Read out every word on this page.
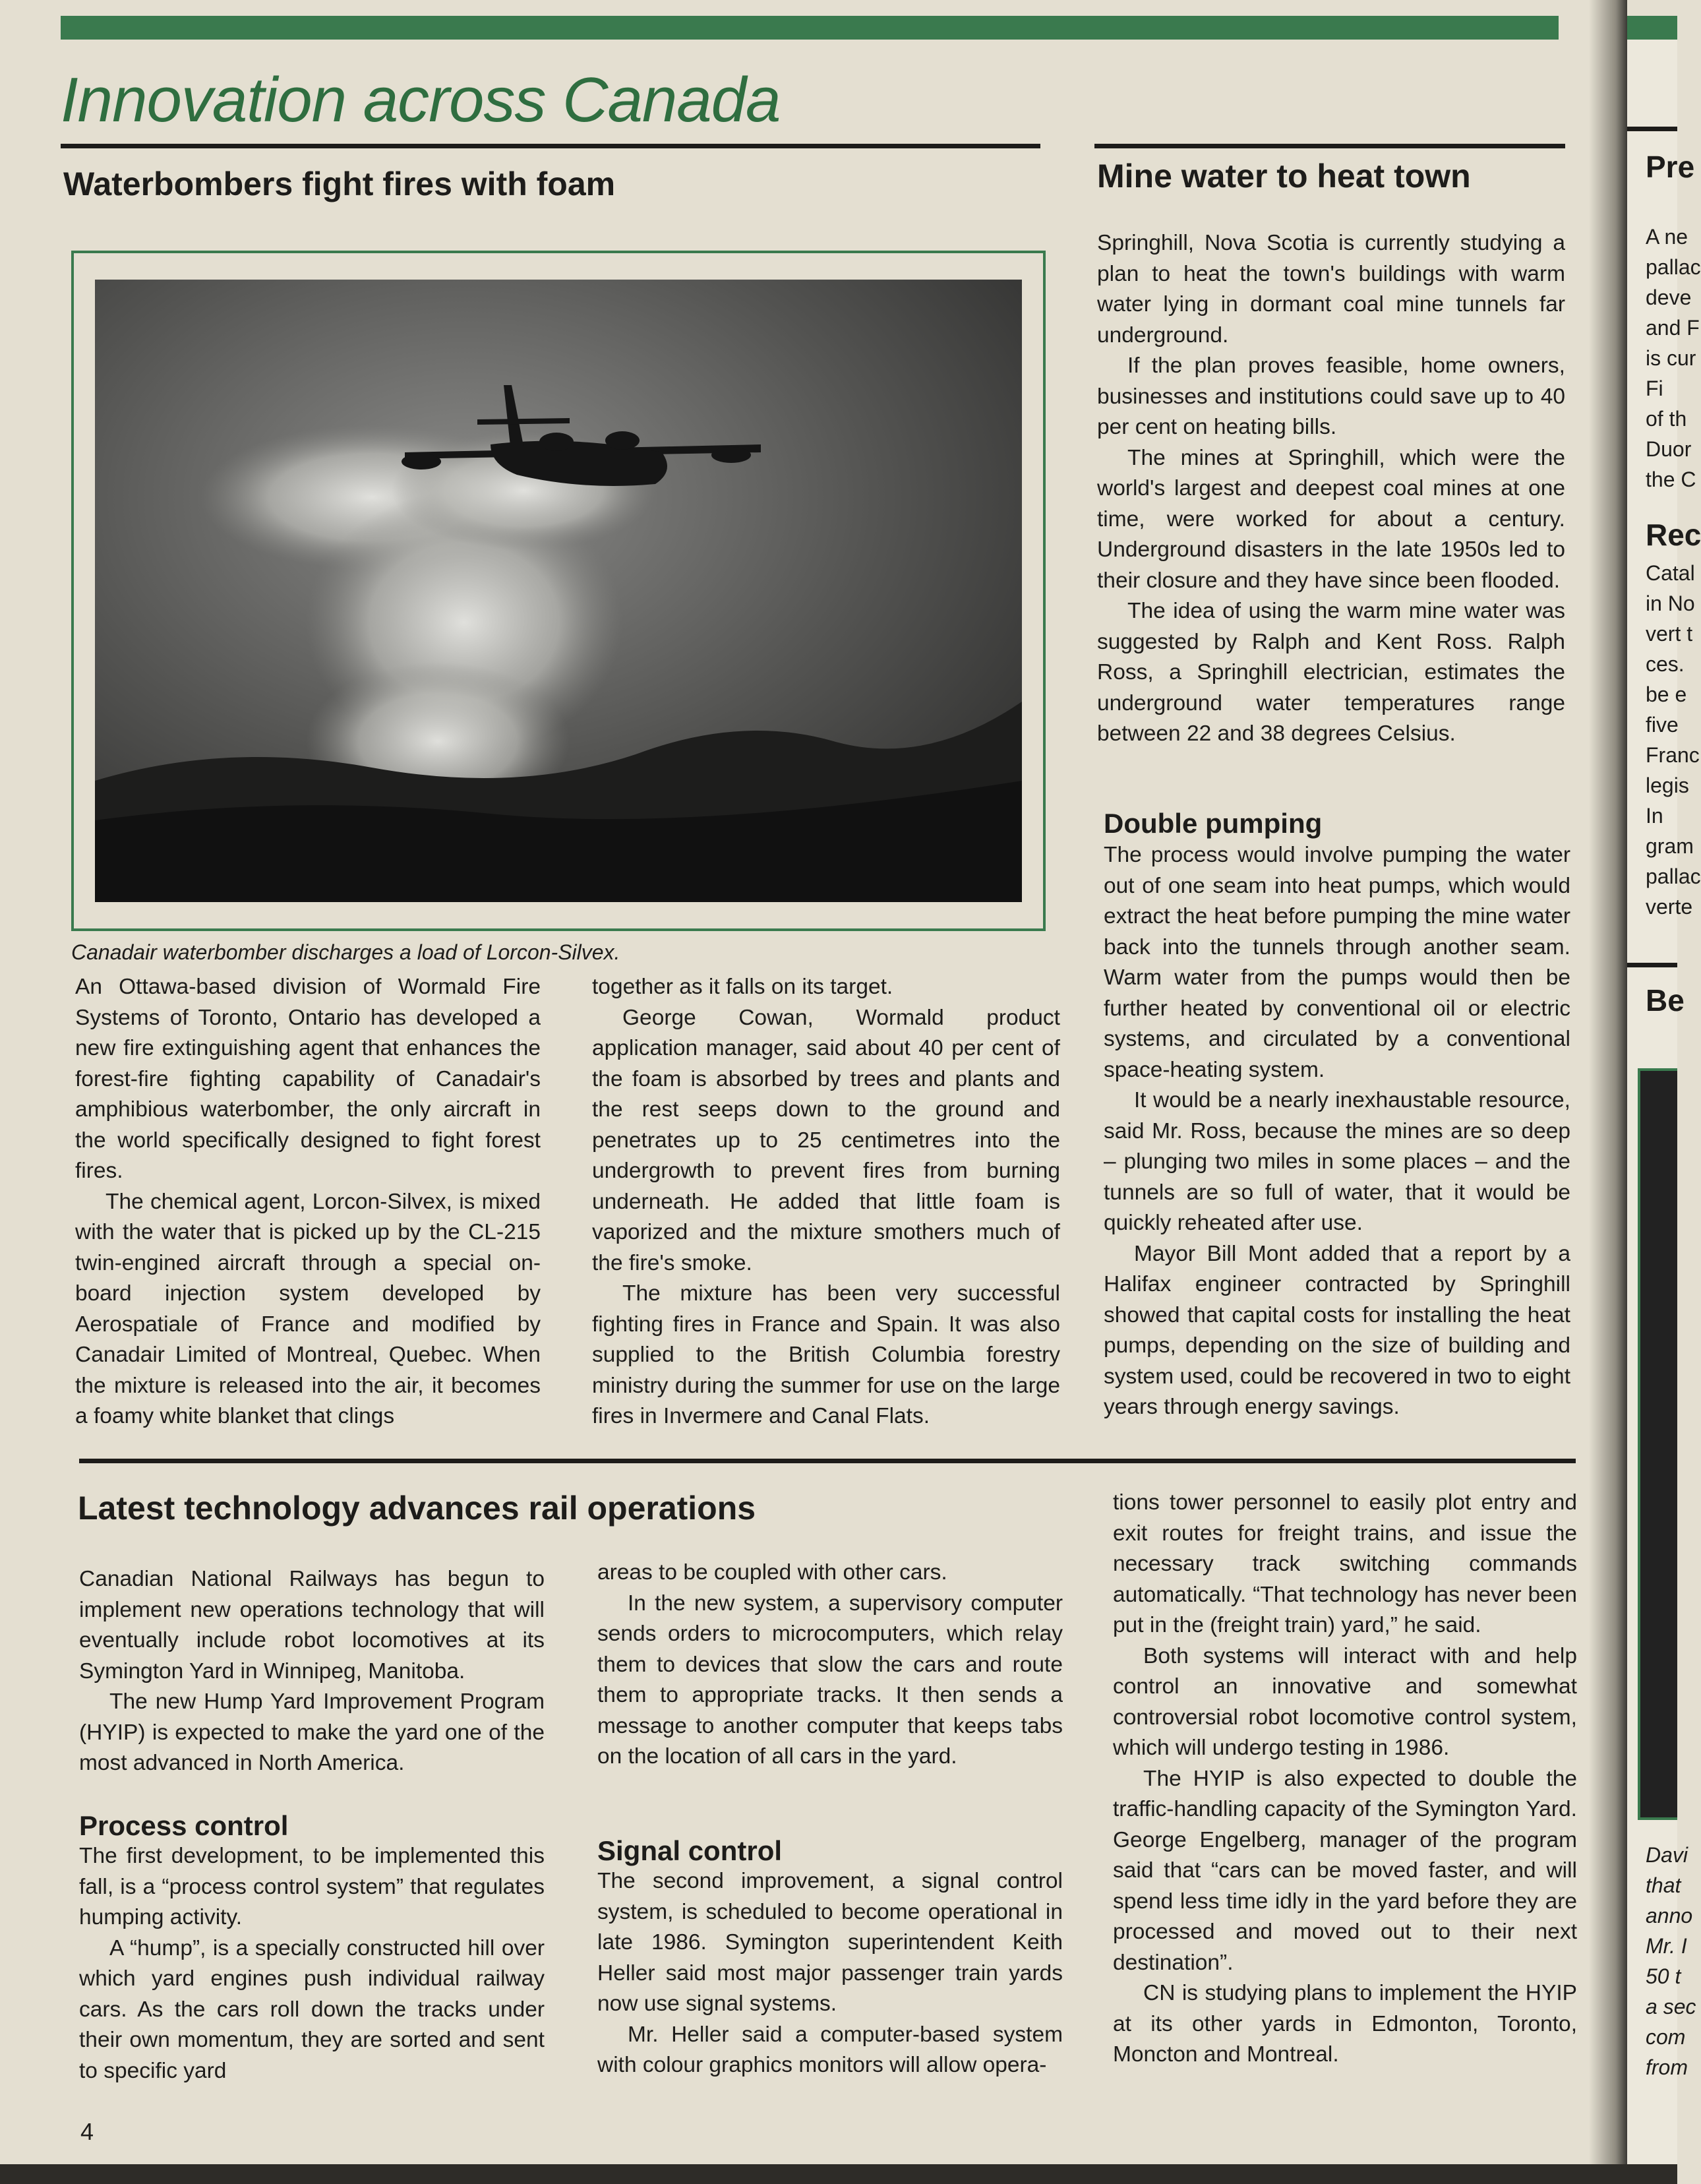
Innovation across Canada
Waterbombers fight fires with foam
Canadair waterbomber discharges a load of Lorcon-Silvex.

An Ottawa-based division of Wormald Fire Systems of Toronto, Ontario has developed a new fire extinguishing agent that enhances the forest-fire fighting capability of Canadair's amphibious waterbomber, the only aircraft in the world specifically designed to fight forest fires.

The chemical agent, Lorcon-Silvex, is mixed with the water that is picked up by the CL-215 twin-engined aircraft through a special on-board injection system developed by Aerospatiale of France and modified by Canadair Limited of Montreal, Quebec. When the mixture is released into the air, it becomes a foamy white blanket that clings

together as it falls on its target.

George Cowan, Wormald product application manager, said about 40 per cent of the foam is absorbed by trees and plants and the rest seeps down to the ground and penetrates up to 25 centimetres into the undergrowth to prevent fires from burning underneath. He added that little foam is vaporized and the mixture smothers much of the fire's smoke.

The mixture has been very successful fighting fires in France and Spain. It was also supplied to the British Columbia forestry ministry during the summer for use on the large fires in Invermere and Canal Flats.

Mine water to heat town

Springhill, Nova Scotia is currently studying a plan to heat the town's buildings with warm water lying in dormant coal mine tunnels far underground.

If the plan proves feasible, home owners, businesses and institutions could save up to 40 per cent on heating bills.

The mines at Springhill, which were the world's largest and deepest coal mines at one time, were worked for about a century. Underground disasters in the late 1950s led to their closure and they have since been flooded.

The idea of using the warm mine water was suggested by Ralph and Kent Ross. Ralph Ross, a Springhill electrician, estimates the underground water temperatures range between 22 and 38 degrees Celsius.

Double pumping

The process would involve pumping the water out of one seam into heat pumps, which would extract the heat before pumping the mine water back into the tunnels through another seam. Warm water from the pumps would then be further heated by conventional oil or electric systems, and circulated by a conventional space-heating system.

It would be a nearly inexhaustable resource, said Mr. Ross, because the mines are so deep – plunging two miles in some places – and the tunnels are so full of water, that it would be quickly reheated after use.

Mayor Bill Mont added that a report by a Halifax engineer contracted by Springhill showed that capital costs for installing the heat pumps, depending on the size of building and system used, could be recovered in two to eight years through energy savings.

Latest technology advances rail operations

Canadian National Railways has begun to implement new operations technology that will eventually include robot locomotives at its Symington Yard in Winnipeg, Manitoba.

The new Hump Yard Improvement Program (HYIP) is expected to make the yard one of the most advanced in North America.

Process control

The first development, to be implemented this fall, is a “process control system” that regulates humping activity.

A “hump”, is a specially constructed hill over which yard engines push individual railway cars. As the cars roll down the tracks under their own momentum, they are sorted and sent to specific yard

areas to be coupled with other cars.

In the new system, a supervisory computer sends orders to microcomputers, which relay them to devices that slow the cars and route them to appropriate tracks. It then sends a message to another computer that keeps tabs on the location of all cars in the yard.

Signal control

The second improvement, a signal control system, is scheduled to become operational in late 1986. Symington superintendent Keith Heller said most major passenger train yards now use signal systems.

Mr. Heller said a computer-based system with colour graphics monitors will allow opera-

tions tower personnel to easily plot entry and exit routes for freight trains, and issue the necessary track switching commands automatically. “That technology has never been put in the (freight train) yard,” he said.

Both systems will interact with and help control an innovative and somewhat controversial robot locomotive control system, which will undergo testing in 1986.

The HYIP is also expected to double the traffic-handling capacity of the Symington Yard. George Engelberg, manager of the program said that “cars can be moved faster, and will spend less time idly in the yard before they are processed and moved out to their next destination”.

CN is studying plans to implement the HYIP at its other yards in Edmonton, Toronto, Moncton and Montreal.

4
Pre
A ne
pallac
deve
and F
is cur
Fi
of th
Duor
the C
Rec
Catal
in No
vert t
ces.
be e
five
Franc
legis
In
gram
pallac
verte
Be
Davi
that
anno
Mr. I
50 t
a sec
com
from
